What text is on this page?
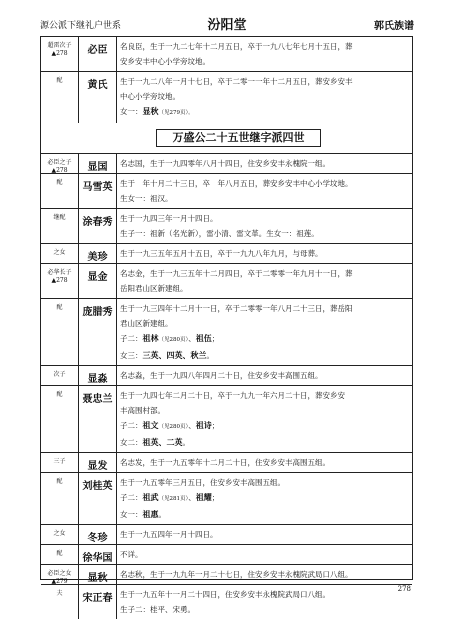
源公派下继礼户世系	汾阳堂	郭氏族谱
超雷次子
▲278	必臣	名良臣，生于一九二七年十二月五日，卒于一九八七年七月十五日，葬

安乡安丰中心小学旁坟地。

配	黄氏	生于一九二八年一月十七日，卒于二零一一年十二月五日，葬安乡安丰

中心小学旁坟地。

女一：显秋（见279页）。

万盛公二十五世继字派四世
必臣之子
▲278	显国	名志国，生于一九四零年八月十四日，住安乡安丰永槐院一组。

配	马雪英	生于　年十月二十三日，卒　年八月五日，葬安乡安丰中心小学坟地。

生女一：祖汉。

继配	涂春秀	生于一九四三年一月十四日。

生子一：祖新（名光新），雷小清、雷文革。生女一：祖莲。

之女	美珍	生于一九三五年五月十五日，卒于一九九八年九月，与母葬。

必华长子
▲278	显金	名志金，生于一九三五年十二月四日，卒于二零零一年九月十一日，葬

岳阳君山区新建组。

配	庞腊秀	生于一九三四年十二月十一日，卒于二零零一年八月二十三日，葬岳阳

君山区新建组。

子二：祖林（见280页）、祖伍；

女三：三英、四英、秋兰。

次子	显淼	名志淼，生于一九四八年四月二十日，住安乡安丰高围五组。

配	聂忠兰	生于一九四七年二月二十日，卒于一九九一年六月二十日，葬安乡安

丰高围村部。

子二：祖文（见280页）、祖诗；

女二：祖英、二英。

三子	显发	名志发，生于一九五零年十二月二十日，住安乡安丰高围五组。

配	刘桂英	生于一九五零年三月五日，住安乡安丰高围五组。

子二：祖武（见281页）、祖耀；

女一：祖惠。

之女	冬珍	生于一九五四年一月十四日。

配	徐华国	不详。

必臣之女
▲279	显秋	名志秋，生于一九九年一月二十七日，住安乡安丰永槐院武局口八组。

夫	宋正春	生于一九五年十一月二十四日，住安乡安丰永槐院武局口八组。

生子二：桂平、宋勇。

278
